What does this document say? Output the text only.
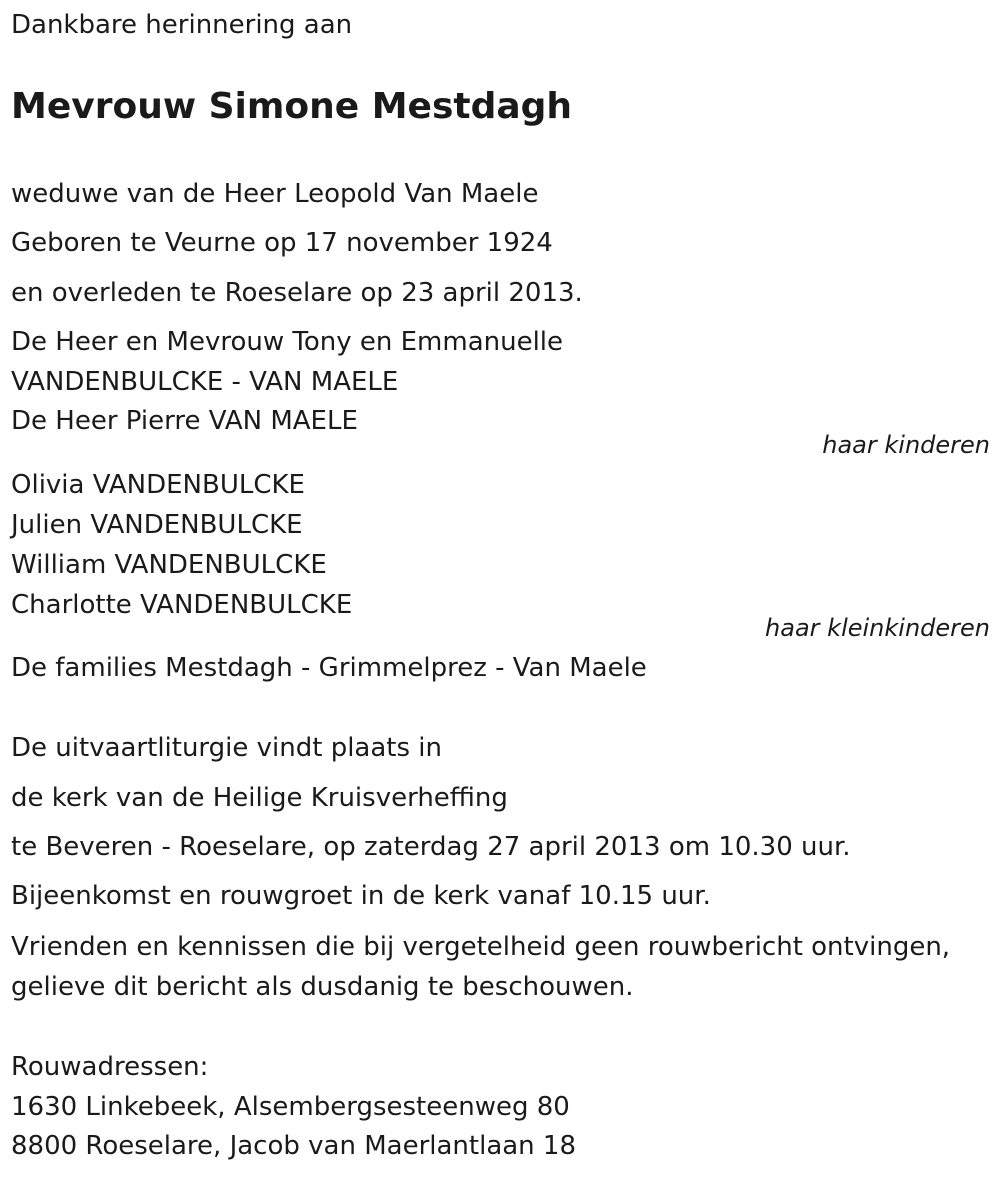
Dankbare herinnering aan
Mevrouw Simone Mestdagh
weduwe van de Heer Leopold Van Maele
Geboren te Veurne op 17 november 1924
en overleden te Roeselare op 23 april 2013.
De Heer en Mevrouw Tony en Emmanuelle
VANDENBULCKE - VAN MAELE
De Heer Pierre VAN MAELE
haar kinderen
Olivia VANDENBULCKE
Julien VANDENBULCKE
William VANDENBULCKE
Charlotte VANDENBULCKE
haar kleinkinderen
De families Mestdagh - Grimmelprez - Van Maele
De uitvaartliturgie vindt plaats in
de kerk van de Heilige Kruisverheffing
te Beveren - Roeselare, op zaterdag 27 april 2013 om 10.30 uur.
Bijeenkomst en rouwgroet in de kerk vanaf 10.15 uur.
Vrienden en kennissen die bij vergetelheid geen rouwbericht ontvingen,
gelieve dit bericht als dusdanig te beschouwen.
Rouwadressen:
1630 Linkebeek, Alsembergsesteenweg 80
8800 Roeselare, Jacob van Maerlantlaan 18
